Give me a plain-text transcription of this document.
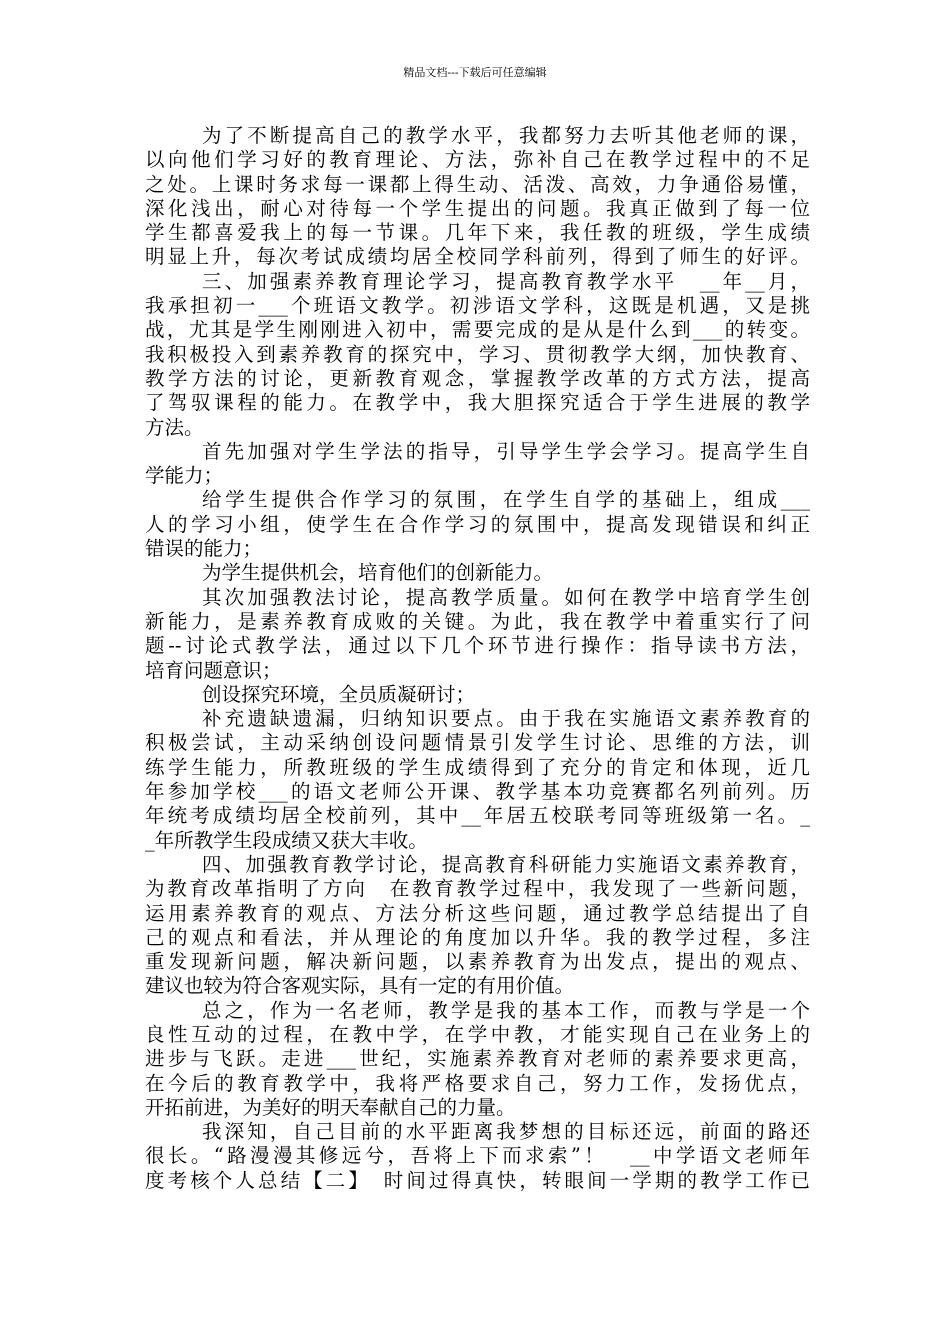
精品文档---下载后可任意编辑
为了不断提高自己的教学水平，我都努力去听其他老师的课，
以向他们学习好的教育理论、方法，弥补自己在教学过程中的不足
之处。上课时务求每一课都上得生动、活泼、高效，力争通俗易懂，
深化浅出，耐心对待每一个学生提出的问题。我真正做到了每一位
学生都喜爱我上的每一节课。几年下来，我任教的班级，学生成绩
明显上升，每次考试成绩均居全校同学科前列，得到了师生的好评。
三、加强素养教育理论学习，提高教育教学水平　__年__月，
我承担初一___个班语文教学。初涉语文学科，这既是机遇，又是挑
战，尤其是学生刚刚进入初中，需要完成的是从是什么到___的转变。
我积极投入到素养教育的探究中，学习、贯彻教学大纲，加快教育、
教学方法的讨论，更新教育观念，掌握教学改革的方式方法，提高
了驾驭课程的能力。在教学中，我大胆探究适合于学生进展的教学
方法。
首先加强对学生学法的指导，引导学生学会学习。提高学生自
学能力；
给学生提供合作学习的氛围，在学生自学的基础上，组成___
人的学习小组，使学生在合作学习的氛围中，提高发现错误和纠正
错误的能力；
为学生提供机会，培育他们的创新能力。
其次加强教法讨论，提高教学质量。如何在教学中培育学生创
新能力，是素养教育成败的关键。为此，我在教学中着重实行了问
题--讨论式教学法，通过以下几个环节进行操作：指导读书方法，
培育问题意识；
创设探究环境，全员质凝研讨；
补充遗缺遗漏，归纳知识要点。由于我在实施语文素养教育的
积极尝试，主动采纳创设问题情景引发学生讨论、思维的方法，训
练学生能力，所教班级的学生成绩得到了充分的肯定和体现，近几
年参加学校___的语文老师公开课、教学基本功竞赛都名列前列。历
年统考成绩均居全校前列，其中__年居五校联考同等班级第一名。_
_年所教学生段成绩又获大丰收。
四、加强教育教学讨论，提高教育科研能力实施语文素养教育，
为教育改革指明了方向　在教育教学过程中，我发现了一些新问题，
运用素养教育的观点、方法分析这些问题，通过教学总结提出了自
己的观点和看法，并从理论的角度加以升华。我的教学过程，多注
重发现新问题，解决新问题，以素养教育为出发点，提出的观点、
建议也较为符合客观实际，具有一定的有用价值。
总之，作为一名老师，教学是我的基本工作，而教与学是一个
良性互动的过程，在教中学，在学中教，才能实现自己在业务上的
进步与飞跃。走进___世纪，实施素养教育对老师的素养要求更高，
在今后的教育教学中，我将严格要求自己，努力工作，发扬优点，
开拓前进，为美好的明天奉献自己的力量。
我深知，自己目前的水平距离我梦想的目标还远，前面的路还
很长。“路漫漫其修远兮，吾将上下而求索”！　__中学语文老师年
度考核个人总结【二】　时间过得真快，转眼间一学期的教学工作已
